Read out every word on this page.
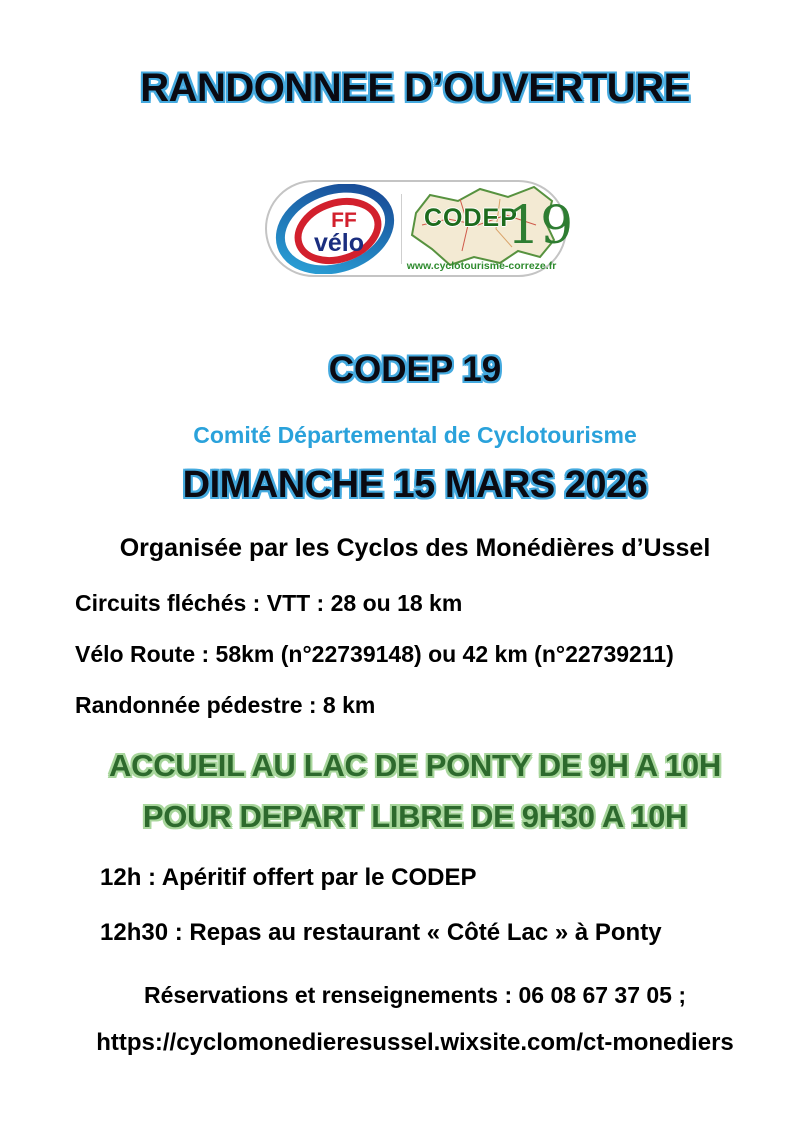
RANDONNEE D’OUVERTURE
FF
vélo
CODEP
19
www.cyclotourisme-correze.fr
CODEP 19
Comité Départemental de Cyclotourisme
DIMANCHE 15 MARS 2026
Organisée par les Cyclos des Monédières d’Ussel
Circuits fléchés : VTT : 28 ou 18 km
Vélo Route : 58km (n°22739148) ou 42 km (n°22739211)
Randonnée pédestre : 8 km
ACCUEIL AU LAC DE PONTY DE 9H A 10H
POUR DEPART LIBRE DE 9H30 A 10H
12h : Apéritif offert par le CODEP
12h30 : Repas au restaurant « Côté Lac » à Ponty
Réservations et renseignements : 06 08 67 37 05 ;
https://cyclomonedieresussel.wixsite.com/ct-monediers
